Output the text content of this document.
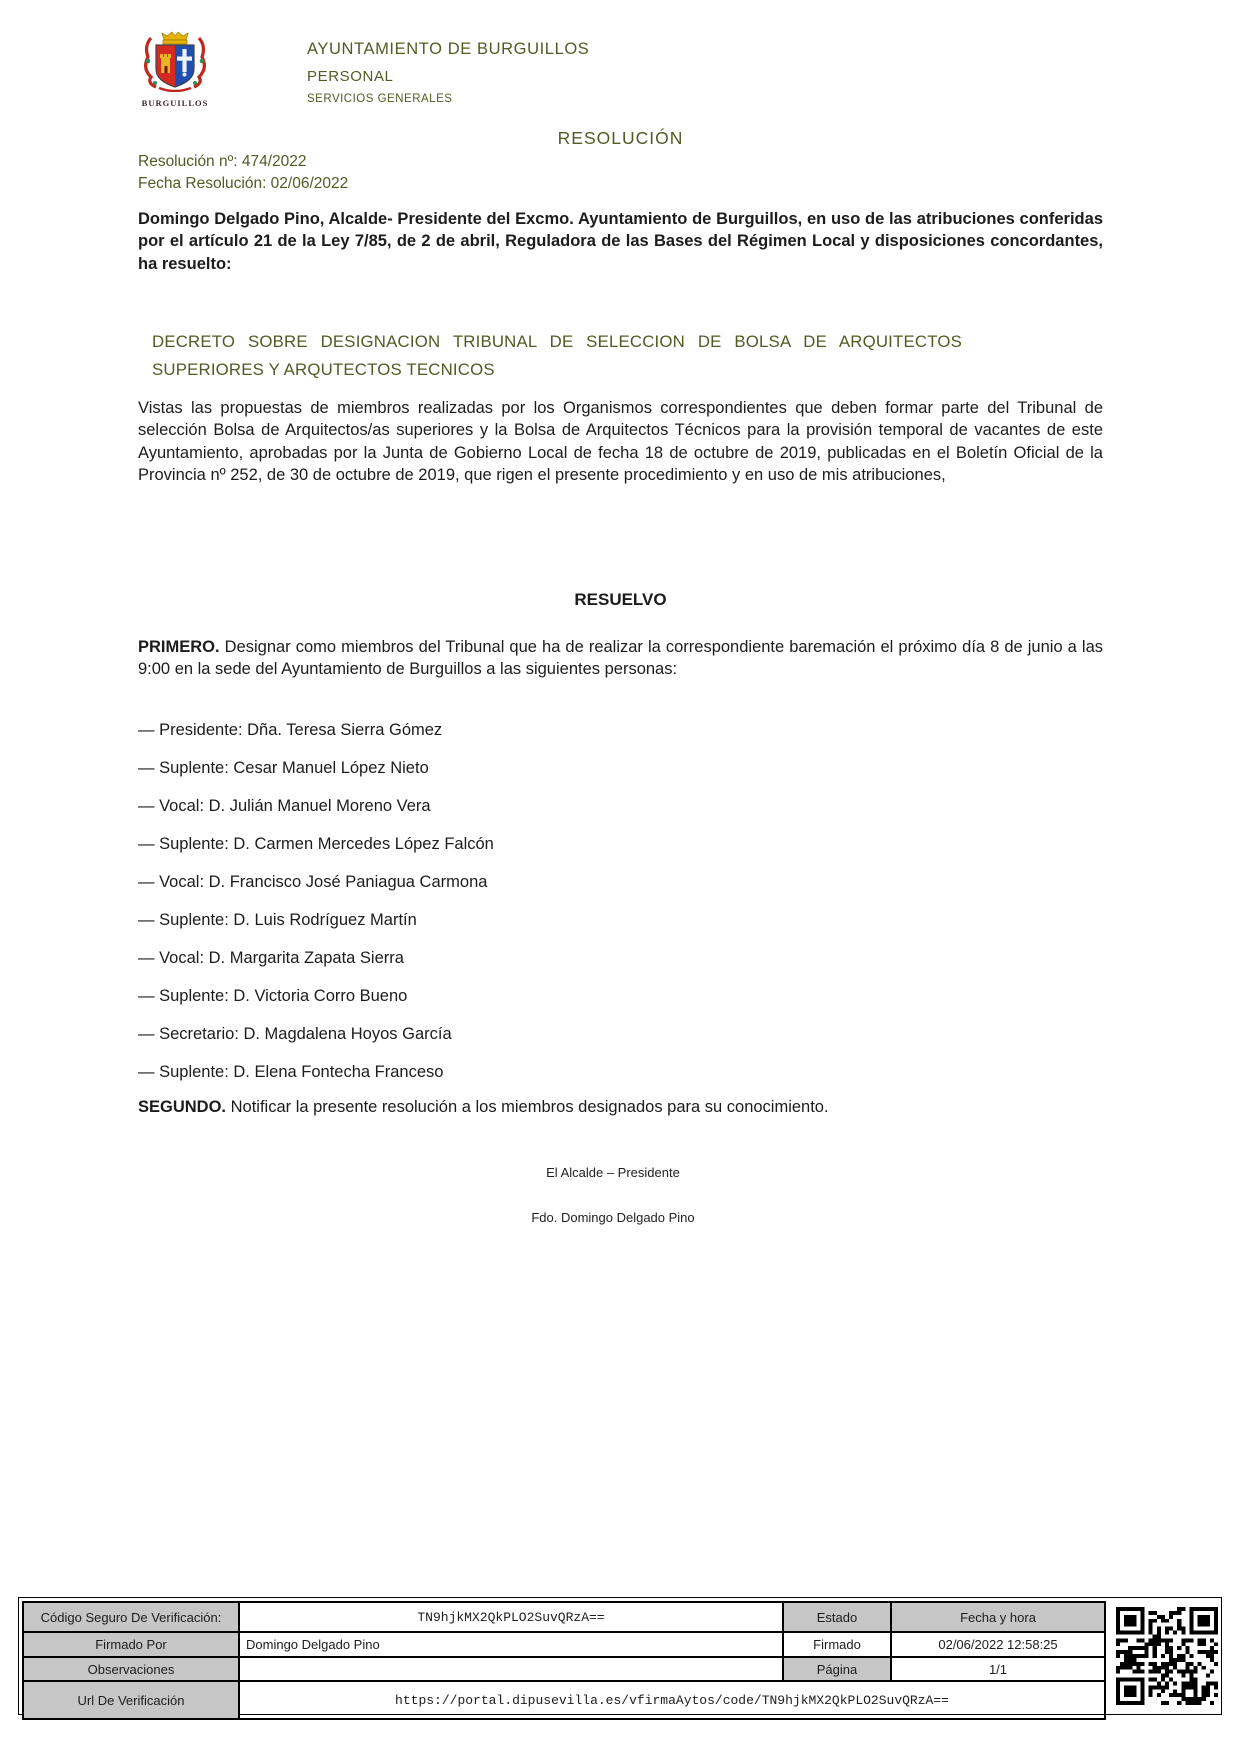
BURGUILLOS
AYUNTAMIENTO DE BURGUILLOS
PERSONAL
SERVICIOS GENERALES
RESOLUCIÓN
Resolución nº: 474/2022
Fecha Resolución: 02/06/2022
Domingo Delgado Pino, Alcalde- Presidente del Excmo. Ayuntamiento de Burguillos, en uso de las atribuciones conferidas por el artículo 21 de la Ley 7/85, de 2 de abril, Reguladora de las Bases del Régimen Local y disposiciones concordantes, ha resuelto:
DECRETO SOBRE DESIGNACION TRIBUNAL DE SELECCION DE BOLSA DE ARQUITECTOS
SUPERIORES Y ARQUTECTOS TECNICOS
Vistas las propuestas de miembros realizadas por los Organismos correspondientes que deben formar parte del Tribunal de selección Bolsa de Arquitectos/as superiores y la Bolsa de Arquitectos Técnicos para la provisión temporal de vacantes de este Ayuntamiento, aprobadas por la Junta de Gobierno Local de fecha 18 de octubre de 2019, publicadas en el Boletín Oficial de la Provincia nº 252, de 30 de octubre de 2019, que rigen el presente procedimiento y en uso de mis atribuciones,
RESUELVO
PRIMERO. Designar como miembros del Tribunal que ha de realizar la correspondiente baremación el próximo día 8 de junio a las 9:00 en la sede del Ayuntamiento de Burguillos a las siguientes personas:
— Presidente: Dña. Teresa Sierra Gómez
— Suplente: Cesar Manuel López Nieto
— Vocal: D. Julián Manuel Moreno Vera
— Suplente: D. Carmen Mercedes López Falcón
— Vocal: D. Francisco José Paniagua Carmona
— Suplente: D. Luis Rodríguez Martín
— Vocal: D. Margarita Zapata Sierra
— Suplente: D. Victoria Corro Bueno
— Secretario: D. Magdalena Hoyos García
— Suplente: D. Elena Fontecha Franceso
SEGUNDO. Notificar la presente resolución a los miembros designados para su conocimiento.
El Alcalde – Presidente
Fdo. Domingo Delgado Pino
Código Seguro De Verificación:	TN9hjkMX2QkPLO2SuvQRzA==	Estado	Fecha y hora
Firmado Por	Domingo Delgado Pino	Firmado	02/06/2022 12:58:25
Observaciones		Página	1/1
Url De Verificación	https://portal.dipusevilla.es/vfirmaAytos/code/TN9hjkMX2QkPLO2SuvQRzA==		
